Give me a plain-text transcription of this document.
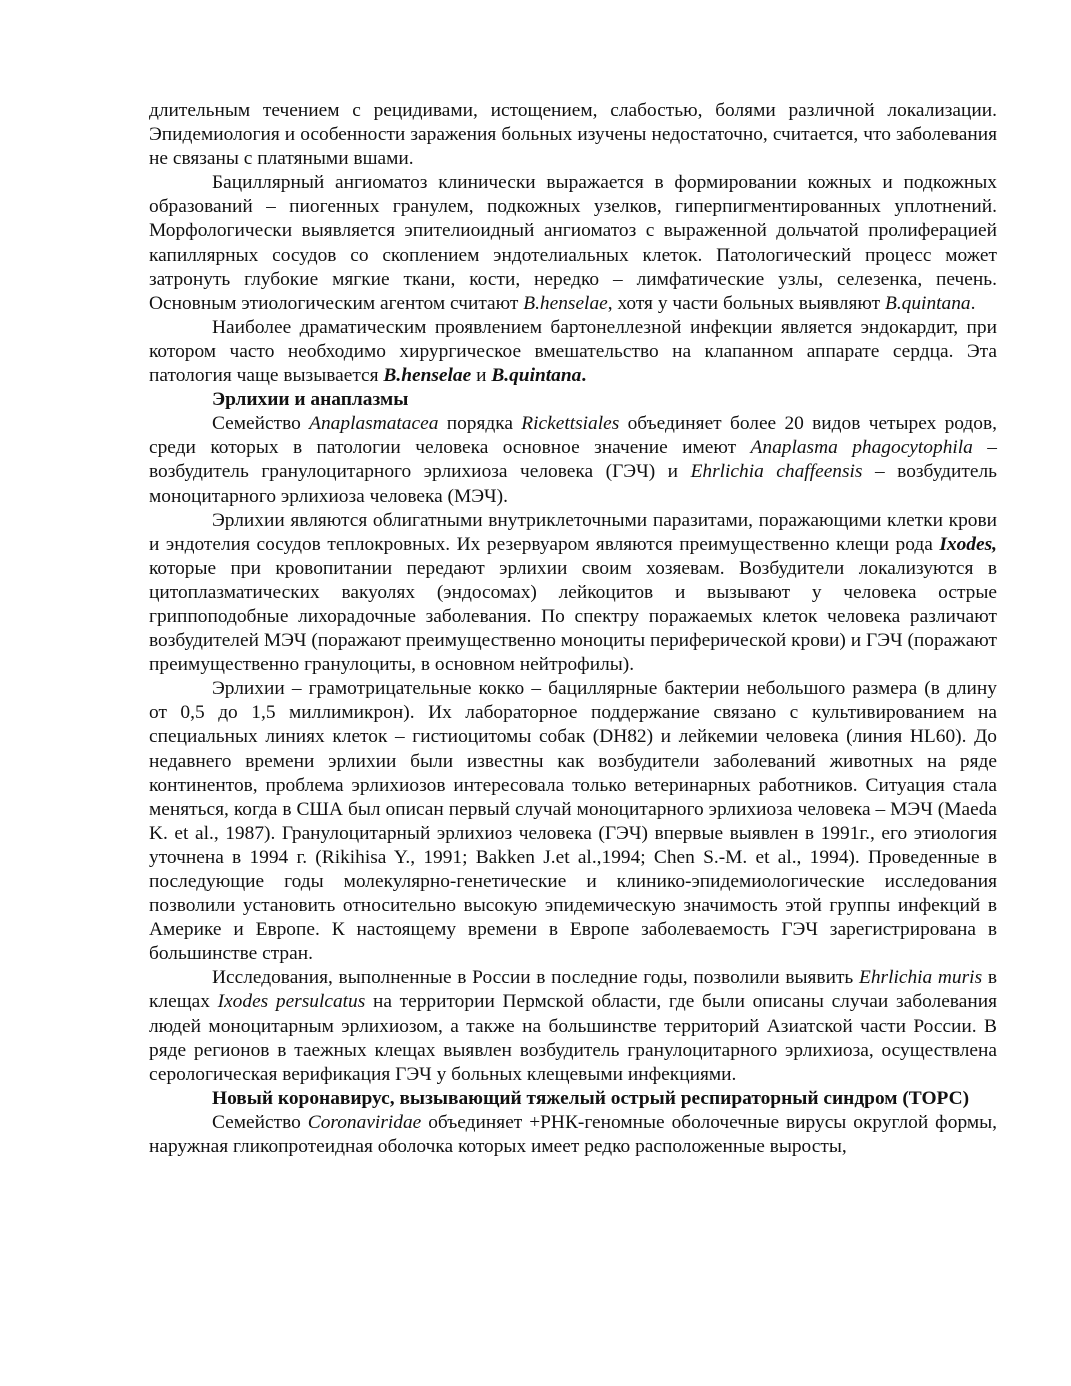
длительным течением с рецидивами, истощением, слабостью, болями различной локализации. Эпидемиология и особенности заражения больных изучены недостаточно, считается, что заболевания не связаны с платяными вшами.

Бациллярный ангиоматоз клинически выражается в формировании кожных и подкожных образований – пиогенных гранулем, подкожных узелков, гиперпигментированных уплотнений. Морфологически выявляется эпителиоидный ангиоматоз с выраженной дольчатой пролиферацией капиллярных сосудов со скоплением эндотелиальных клеток. Патологический процесс может затронуть глубокие мягкие ткани, кости, нередко – лимфатические узлы, селезенка, печень. Основным этиологическим агентом считают B.henselae, хотя у части больных выявляют B.quintana.

Наиболее драматическим проявлением бартонеллезной инфекции является эндокардит, при котором часто необходимо хирургическое вмешательство на клапанном аппарате сердца. Эта патология чаще вызывается B.henselae и B.quintana.

Эрлихии и анаплазмы

Семейство Anaplasmatacea порядка Rickettsiales объединяет более 20 видов четырех родов, среди которых в патологии человека основное значение имеют Anaplasma phagocytophila – возбудитель гранулоцитарного эрлихиоза человека (ГЭЧ) и Ehrlichia chaffeensis – возбудитель моноцитарного эрлихиоза человека (МЭЧ).

Эрлихии являются облигатными внутриклеточными паразитами, поражающими клетки крови и эндотелия сосудов теплокровных. Их резервуаром являются преимущественно клещи рода Ixodes, которые при кровопитании передают эрлихии своим хозяевам. Возбудители локализуются в цитоплазматических вакуолях (эндосомах) лейкоцитов и вызывают у человека острые гриппоподобные лихорадочные заболевания. По спектру поражаемых клеток человека различают возбудителей МЭЧ (поражают преимущественно моноциты периферической крови) и ГЭЧ (поражают преимущественно гранулоциты, в основном нейтрофилы).

Эрлихии – грамотрицательные кокко – бациллярные бактерии небольшого размера (в длину от 0,5 до 1,5 миллимикрон). Их лабораторное поддержание связано с культивированием на специальных линиях клеток – гистиоцитомы собак (DH82) и лейкемии человека (линия HL60). До недавнего времени эрлихии были известны как возбудители заболеваний животных на ряде континентов, проблема эрлихиозов интересовала только ветеринарных работников. Ситуация стала меняться, когда в США был описан первый случай моноцитарного эрлихиоза человека – МЭЧ (Maeda K. et al., 1987). Гранулоцитарный эрлихиоз человека (ГЭЧ) впервые выявлен в 1991г., его этиология уточнена в 1994 г. (Rikihisa Y., 1991; Bakken J.et al.,1994; Chen S.-M. et al., 1994). Проведенные в последующие годы молекулярно-генетические и клинико-эпидемиологические исследования позволили установить относительно высокую эпидемическую значимость этой группы инфекций в Америке и Европе. К настоящему времени в Европе заболеваемость ГЭЧ зарегистрирована в большинстве стран.

Исследования, выполненные в России в последние годы, позволили выявить Ehrlichia muris в клещах Ixodes persulcatus на территории Пермской области, где были описаны случаи заболевания людей моноцитарным эрлихиозом, а также на большинстве территорий Азиатской части России. В ряде регионов в таежных клещах выявлен возбудитель гранулоцитарного эрлихиоза, осуществлена серологическая верификация ГЭЧ у больных клещевыми инфекциями.

Новый коронавирус, вызывающий тяжелый острый респираторный синдром (ТОРС)

Семейство Coronaviridae объединяет +РНК-геномные оболочечные вирусы округлой формы, наружная гликопротеидная оболочка которых имеет редко расположенные выросты,
